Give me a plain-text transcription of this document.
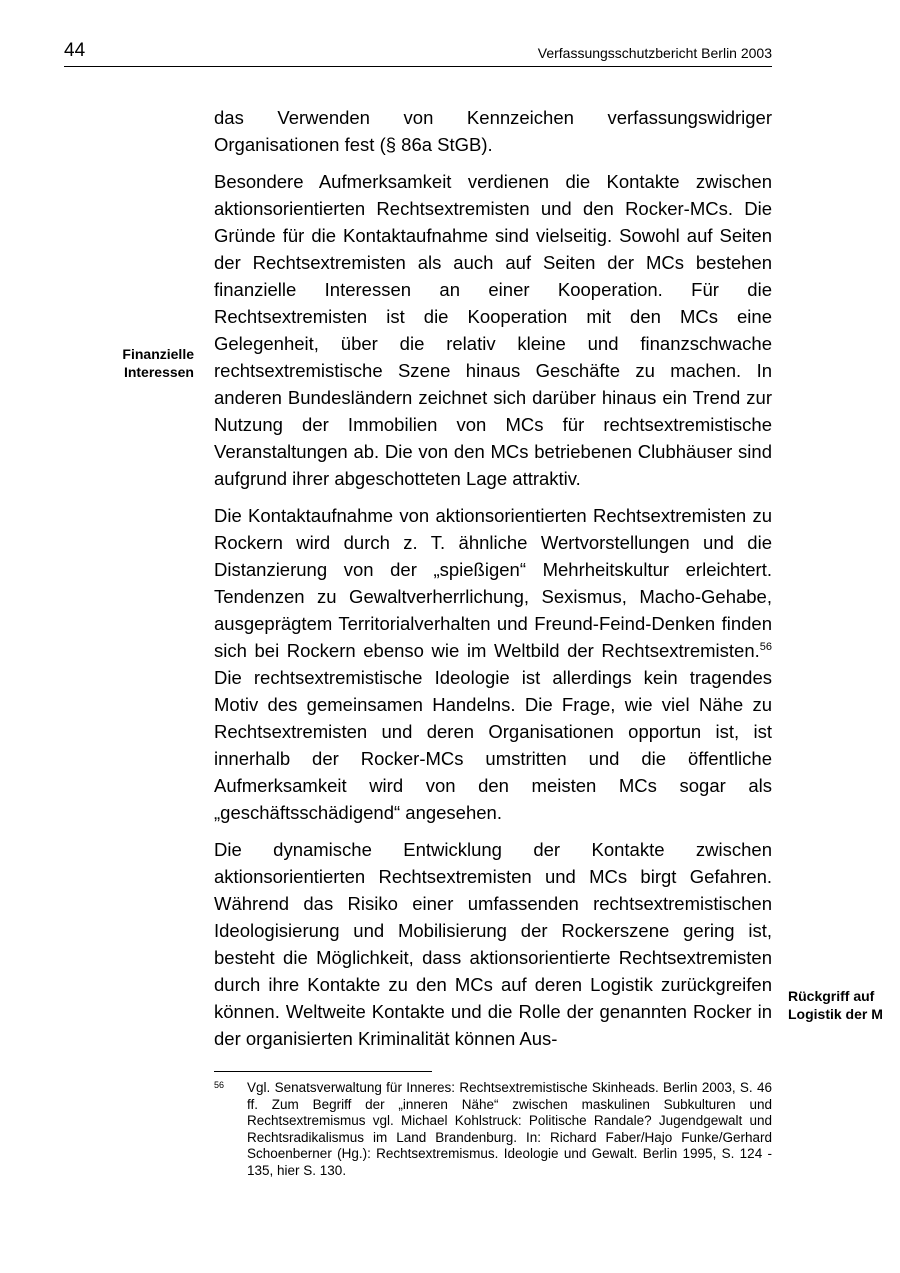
44	Verfassungsschutzbericht Berlin 2003

das Verwenden von Kennzeichen verfassungswidriger Organisationen fest (§ 86a StGB).

Besondere Aufmerksamkeit verdienen die Kontakte zwischen aktionsorientierten Rechtsextremisten und den Rocker-MCs. Die Gründe für die Kontaktaufnahme sind vielseitig. Sowohl auf Seiten der Rechtsextremisten als auch auf Seiten der MCs bestehen finanzielle Interessen an einer Kooperation. Für die Rechtsextremisten ist die Kooperation mit den MCs eine Gelegenheit, über die relativ kleine und finanzschwache rechtsextremistische Szene hinaus Geschäfte zu machen. In anderen Bundesländern zeichnet sich darüber hinaus ein Trend zur Nutzung der Immobilien von MCs für rechtsextremistische Veranstaltungen ab. Die von den MCs betriebenen Clubhäuser sind aufgrund ihrer abgeschotteten Lage attraktiv.

Die Kontaktaufnahme von aktionsorientierten Rechtsextremisten zu Rockern wird durch z. T. ähnliche Wertvorstellungen und die Distanzierung von der „spießigen“ Mehrheitskultur erleichtert. Tendenzen zu Gewaltverherrlichung, Sexismus, Macho-Gehabe, ausgeprägtem Territorialverhalten und Freund-Feind-Denken finden sich bei Rockern ebenso wie im Weltbild der Rechtsextremisten.$^{56}$ Die rechtsextremistische Ideologie ist allerdings kein tragendes Motiv des gemeinsamen Handelns. Die Frage, wie viel Nähe zu Rechtsextremisten und deren Organisationen opportun ist, ist innerhalb der Rocker-MCs umstritten und die öffentliche Aufmerksamkeit wird von den meisten MCs sogar als „geschäftsschädigend“ angesehen.

Die dynamische Entwicklung der Kontakte zwischen aktionsorientierten Rechtsextremisten und MCs birgt Gefahren. Während das Risiko einer umfassenden rechtsextremistischen Ideologisierung und Mobilisierung der Rockerszene gering ist, besteht die Möglichkeit, dass aktionsorientierte Rechtsextremisten durch ihre Kontakte zu den MCs auf deren Logistik zurückgreifen können. Weltweite Kontakte und die Rolle der genannten Rocker in der organisierten Kriminalität können Aus-

Finanzielle
Interessen
Rückgriff auf
Logistik der M
56 Vgl. Senatsverwaltung für Inneres: Rechtsextremistische Skinheads. Berlin 2003, S. 46 ff. Zum Begriff der „inneren Nähe“ zwischen maskulinen Subkulturen und Rechtsextremismus vgl. Michael Kohlstruck: Politische Randale? Jugendgewalt und Rechtsradikalismus im Land Brandenburg. In: Richard Faber/Hajo Funke/Gerhard Schoenberner (Hg.): Rechtsextremismus. Ideologie und Gewalt. Berlin 1995, S. 124 - 135, hier S. 130.
